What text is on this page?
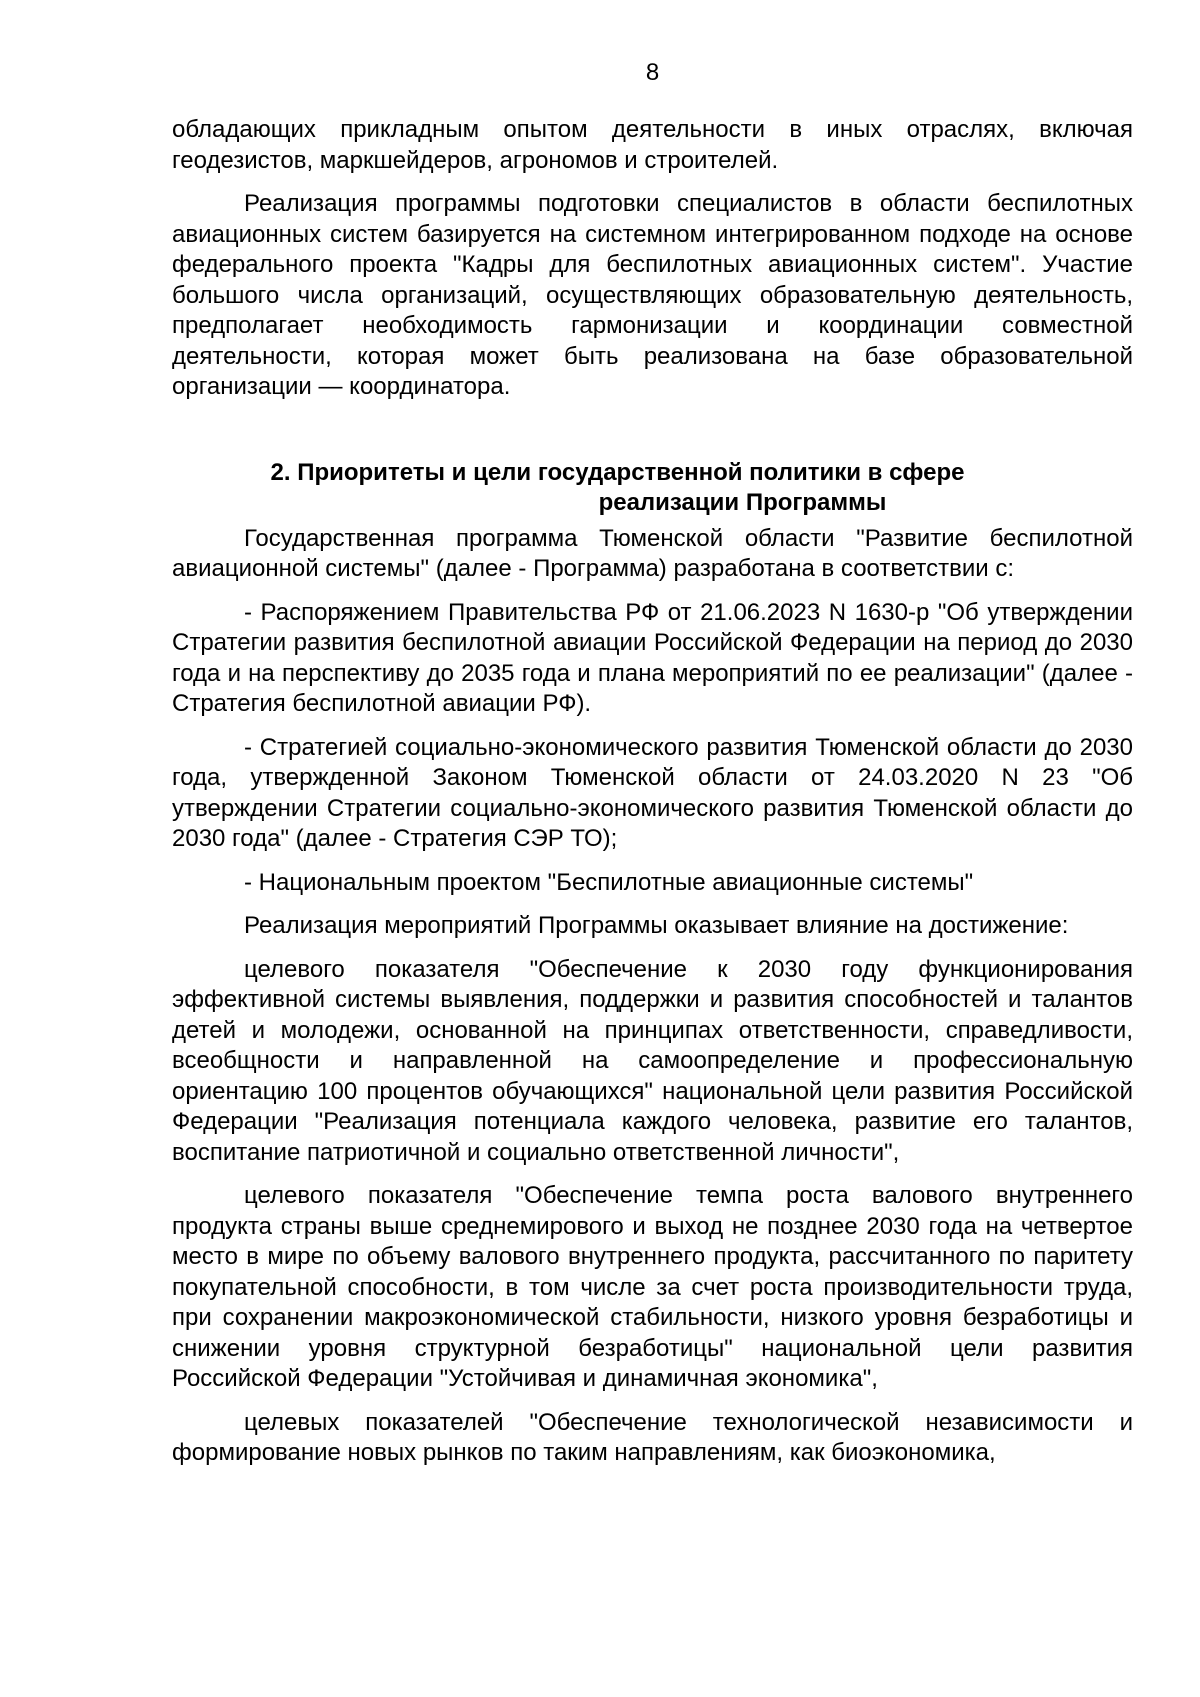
8

обладающих прикладным опытом деятельности в иных отраслях, включая геодезистов, маркшейдеров, агрономов и строителей.

Реализация программы подготовки специалистов в области беспилотных авиационных систем базируется на системном интегрированном подходе на основе федерального проекта "Кадры для беспилотных авиационных систем". Участие большого числа организаций, осуществляющих образовательную деятельность, предполагает необходимость гармонизации и координации совместной деятельности, которая может быть реализована на базе образовательной организации — координатора.

2. Приоритеты и цели государственной политики в сфере
реализации Программы

Государственная программа Тюменской области "Развитие беспилотной авиационной системы" (далее - Программа) разработана в соответствии с:

- Распоряжением Правительства РФ от 21.06.2023 N 1630-р "Об утверждении Стратегии развития беспилотной авиации Российской Федерации на период до 2030 года и на перспективу до 2035 года и плана мероприятий по ее реализации" (далее - Стратегия беспилотной авиации РФ).

- Стратегией социально-экономического развития Тюменской области до 2030 года, утвержденной Законом Тюменской области от 24.03.2020 N 23 "Об утверждении Стратегии социально-экономического развития Тюменской области до 2030 года" (далее - Стратегия СЭР ТО);

- Национальным проектом "Беспилотные авиационные системы"

Реализация мероприятий Программы оказывает влияние на достижение:

целевого показателя "Обеспечение к 2030 году функционирования эффективной системы выявления, поддержки и развития способностей и талантов детей и молодежи, основанной на принципах ответственности, справедливости, всеобщности и направленной на самоопределение и профессиональную ориентацию 100 процентов обучающихся" национальной цели развития Российской Федерации "Реализация потенциала каждого человека, развитие его талантов, воспитание патриотичной и социально ответственной личности",

целевого показателя "Обеспечение темпа роста валового внутреннего продукта страны выше среднемирового и выход не позднее 2030 года на четвертое место в мире по объему валового внутреннего продукта, рассчитанного по паритету покупательной способности, в том числе за счет роста производительности труда, при сохранении макроэкономической стабильности, низкого уровня безработицы и снижении уровня структурной безработицы" национальной цели развития Российской Федерации "Устойчивая и динамичная экономика",

целевых показателей "Обеспечение технологической независимости и формирование новых рынков по таким направлениям, как биоэкономика,
